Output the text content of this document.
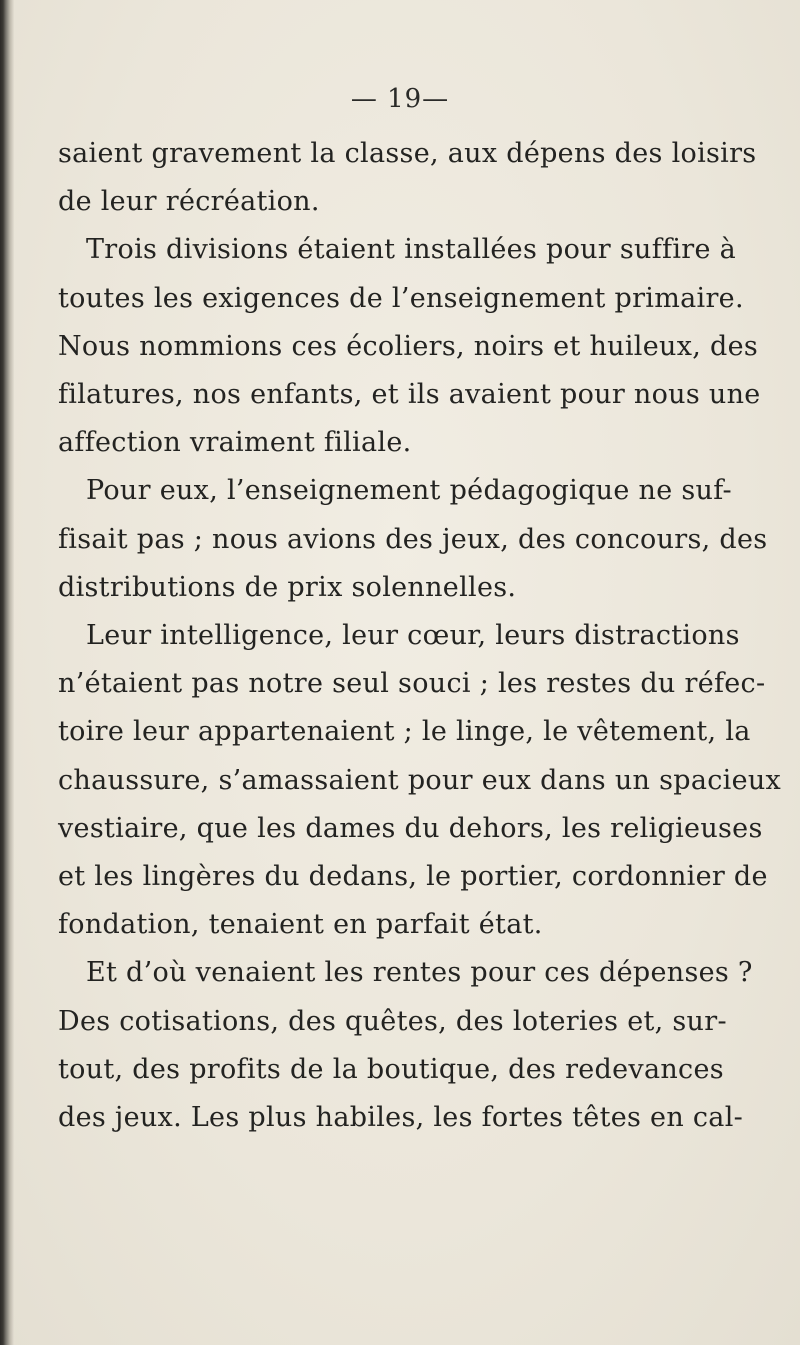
— 19—
saient gravement la classe, aux dépens des loisirs
de leur récréation.
Trois divisions étaient installées pour suffire à
toutes les exigences de l’enseignement primaire.
Nous nommions ces écoliers, noirs et huileux, des
filatures, nos enfants, et ils avaient pour nous une
affection vraiment filiale.
Pour eux, l’enseignement pédagogique ne suf-
fisait pas ; nous avions des jeux, des concours, des
distributions de prix solennelles.
Leur intelligence, leur cœur, leurs distractions
n’étaient pas notre seul souci ; les restes du réfec-
toire leur appartenaient ; le linge, le vêtement, la
chaussure, s’amassaient pour eux dans un spacieux
vestiaire, que les dames du dehors, les religieuses
et les lingères du dedans, le portier, cordonnier de
fondation, tenaient en parfait état.
Et d’où venaient les rentes pour ces dépenses ?
Des cotisations, des quêtes, des loteries et, sur-
tout, des profits de la boutique, des redevances
des jeux. Les plus habiles, les fortes têtes en cal-
